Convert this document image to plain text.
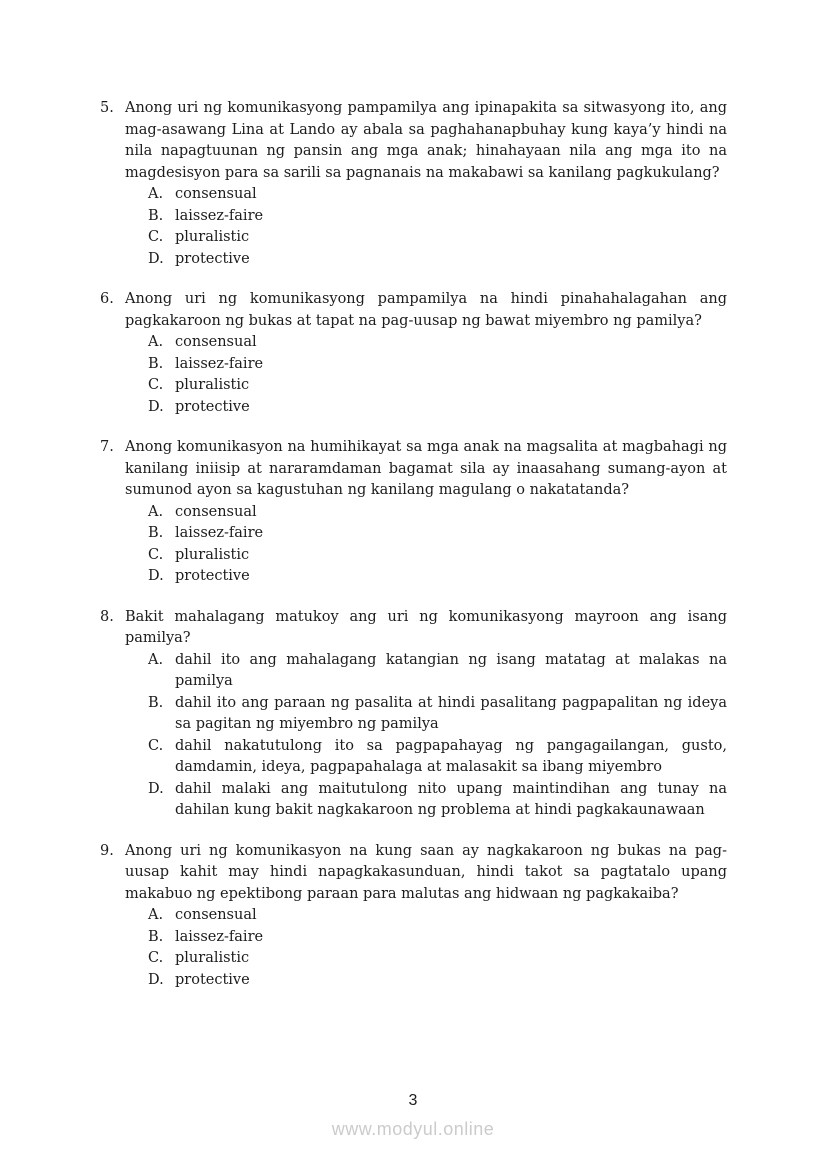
5. Anong uri ng komunikasyong pampamilya ang ipinapakita sa sitwasyong ito, ang mag-asawang Lina at Lando ay abala sa paghahanapbuhay kung kaya’y hindi na nila napagtuunan ng pansin ang mga anak; hinahayaan nila ang mga ito na magdesisyon para sa sarili sa pagnanais na makabawi sa kanilang pagkukulang?

A. consensual
B. laissez-faire
C. pluralistic
D. protective
6. Anong uri ng komunikasyong pampamilya na hindi pinahahalagahan ang pagkakaroon ng bukas at tapat na pag-uusap ng bawat miyembro ng pamilya?

A. consensual
B. laissez-faire
C. pluralistic
D. protective
7. Anong komunikasyon na humihikayat sa mga anak na magsalita at magbahagi ng kanilang iniisip at nararamdaman bagamat sila ay inaasahang sumang-ayon at sumunod ayon sa kagustuhan ng kanilang magulang o nakatatanda?

A. consensual
B. laissez-faire
C. pluralistic
D. protective
8. Bakit mahalagang matukoy ang uri ng komunikasyong mayroon ang isang pamilya?

A. dahil ito ang mahalagang katangian ng isang matatag at malakas na pamilya
B. dahil ito ang paraan ng pasalita at hindi pasalitang pagpapalitan ng ideya sa pagitan ng miyembro ng pamilya
C. dahil nakatutulong ito sa pagpapahayag ng pangagailangan, gusto, damdamin, ideya, pagpapahalaga at malasakit sa ibang miyembro
D. dahil malaki ang maitutulong nito upang maintindihan ang tunay na dahilan kung bakit nagkakaroon ng problema at hindi pagkakaunawaan
9. Anong uri ng komunikasyon na kung saan ay nagkakaroon ng bukas na pag-uusap kahit may hindi napagkakasunduan, hindi takot sa pagtatalo upang makabuo ng epektibong paraan para malutas ang hidwaan ng pagkakaiba?

A. consensual
B. laissez-faire
C. pluralistic
D. protective
3
www.modyul.online
